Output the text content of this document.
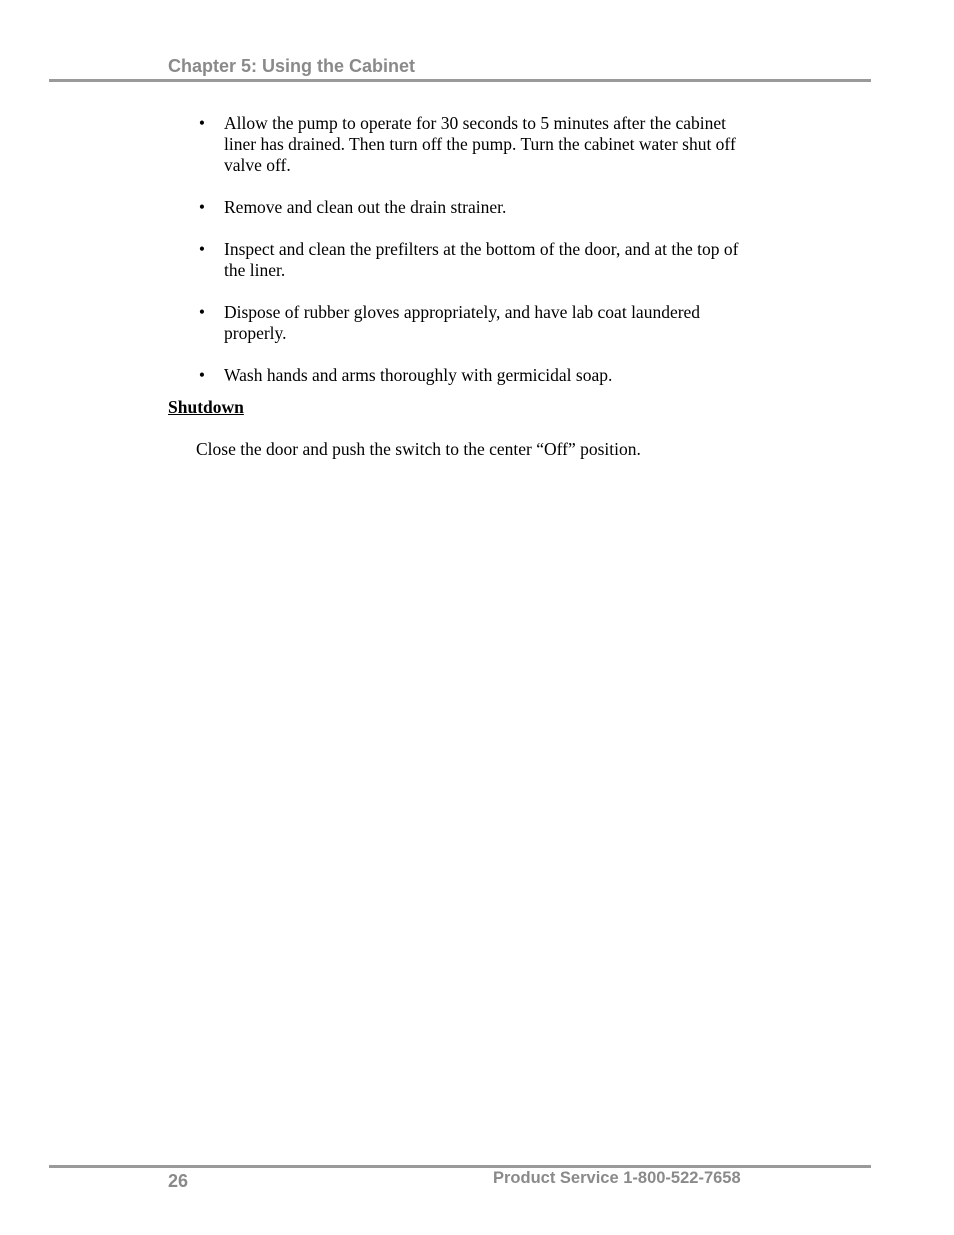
Chapter 5: Using the Cabinet
• Allow the pump to operate for 30 seconds to 5 minutes after the cabinet liner has drained. Then turn off the pump. Turn the cabinet water shut off valve off.
• Remove and clean out the drain strainer.
• Inspect and clean the prefilters at the bottom of the door, and at the top of the liner.
• Dispose of rubber gloves appropriately, and have lab coat laundered properly.
• Wash hands and arms thoroughly with germicidal soap.
Shutdown
Close the door and push the switch to the center “Off” position.
26	Product Service 1-800-522-7658
